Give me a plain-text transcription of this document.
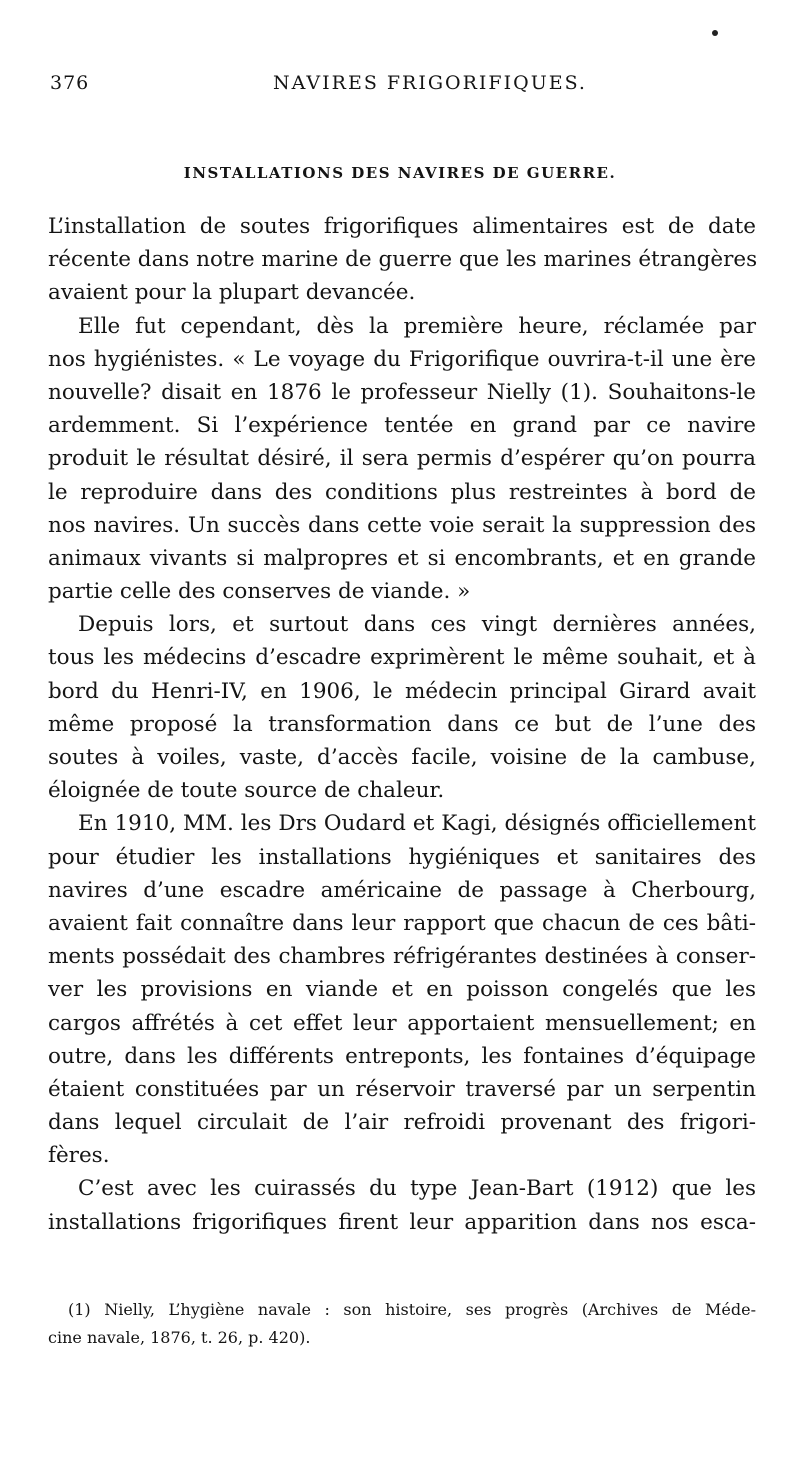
376	NAVIRES FRIGORIFIQUES.
INSTALLATIONS DES NAVIRES DE GUERRE.
L’installation de soutes frigorifiques alimentaires est de date
récente dans notre marine de guerre que les marines étrangères
avaient pour la plupart devancée.
Elle fut cependant, dès la première heure, réclamée par
nos hygiénistes. « Le voyage du Frigorifique ouvrira-t-il une ère
nouvelle? disait en 1876 le professeur Nielly (1). Souhaitons-le
ardemment. Si l’expérience tentée en grand par ce navire
produit le résultat désiré, il sera permis d’espérer qu’on pourra
le reproduire dans des conditions plus restreintes à bord de
nos navires. Un succès dans cette voie serait la suppression des
animaux vivants si malpropres et si encombrants, et en grande
partie celle des conserves de viande. »
Depuis lors, et surtout dans ces vingt dernières années,
tous les médecins d’escadre exprimèrent le même souhait, et à
bord du Henri-IV, en 1906, le médecin principal Girard avait
même proposé la transformation dans ce but de l’une des
soutes à voiles, vaste, d’accès facile, voisine de la cambuse,
éloignée de toute source de chaleur.
En 1910, MM. les Drs Oudard et Kagi, désignés officiellement
pour étudier les installations hygiéniques et sanitaires des
navires d’une escadre américaine de passage à Cherbourg,
avaient fait connaître dans leur rapport que chacun de ces bâti-
ments possédait des chambres réfrigérantes destinées à conser-
ver les provisions en viande et en poisson congelés que les
cargos affrétés à cet effet leur apportaient mensuellement; en
outre, dans les différents entreponts, les fontaines d’équipage
étaient constituées par un réservoir traversé par un serpentin
dans lequel circulait de l’air refroidi provenant des frigori-
fères.
C’est avec les cuirassés du type Jean-Bart (1912) que les
installations frigorifiques firent leur apparition dans nos esca-
(1) Nielly, L’hygiène navale : son histoire, ses progrès (Archives de Méde-
cine navale, 1876, t. 26, p. 420).
